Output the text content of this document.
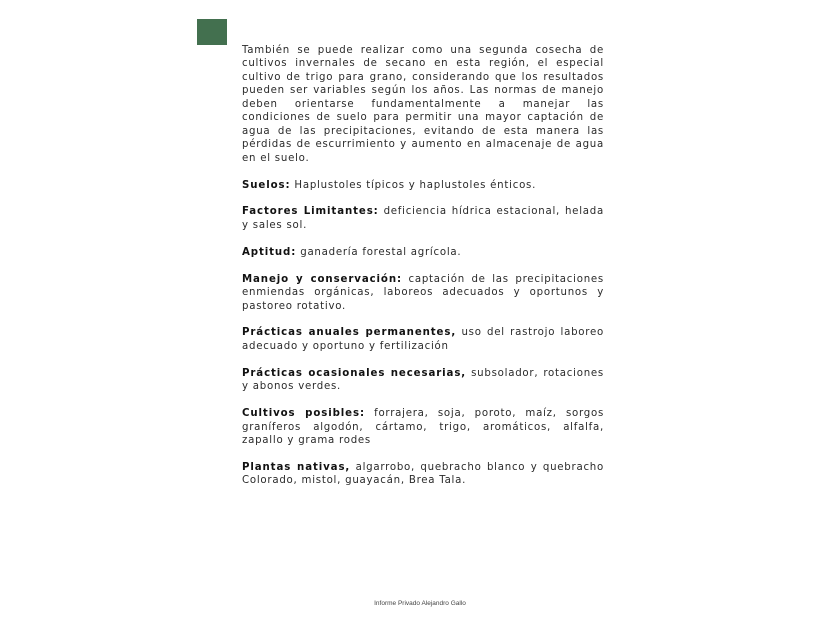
También se puede realizar como una segunda cosecha de cultivos invernales de secano en esta región, el especial cultivo de trigo para grano, considerando que los resultados pueden ser variables según los años. Las normas de manejo deben orientarse fundamentalmente a manejar las condiciones de suelo para permitir una mayor captación de agua de las precipitaciones, evitando de esta manera las pérdidas de escurrimiento y aumento en almacenaje de agua en el suelo.

Suelos: Haplustoles típicos y haplustoles énticos.

Factores Limitantes: deficiencia hídrica estacional, helada y sales sol.

Aptitud: ganadería forestal agrícola.

Manejo y conservación: captación de las precipitaciones enmiendas orgánicas, laboreos adecuados y oportunos y pastoreo rotativo.

Prácticas anuales permanentes, uso del rastrojo laboreo adecuado y oportuno y fertilización

Prácticas ocasionales necesarias, subsolador, rotaciones y abonos verdes.

Cultivos posibles: forrajera, soja, poroto, maíz, sorgos graníferos algodón, cártamo, trigo, aromáticos, alfalfa, zapallo y grama rodes

Plantas nativas, algarrobo, quebracho blanco y quebracho Colorado, mistol, guayacán, Brea Tala.

Informe Privado Alejandro Gallo
